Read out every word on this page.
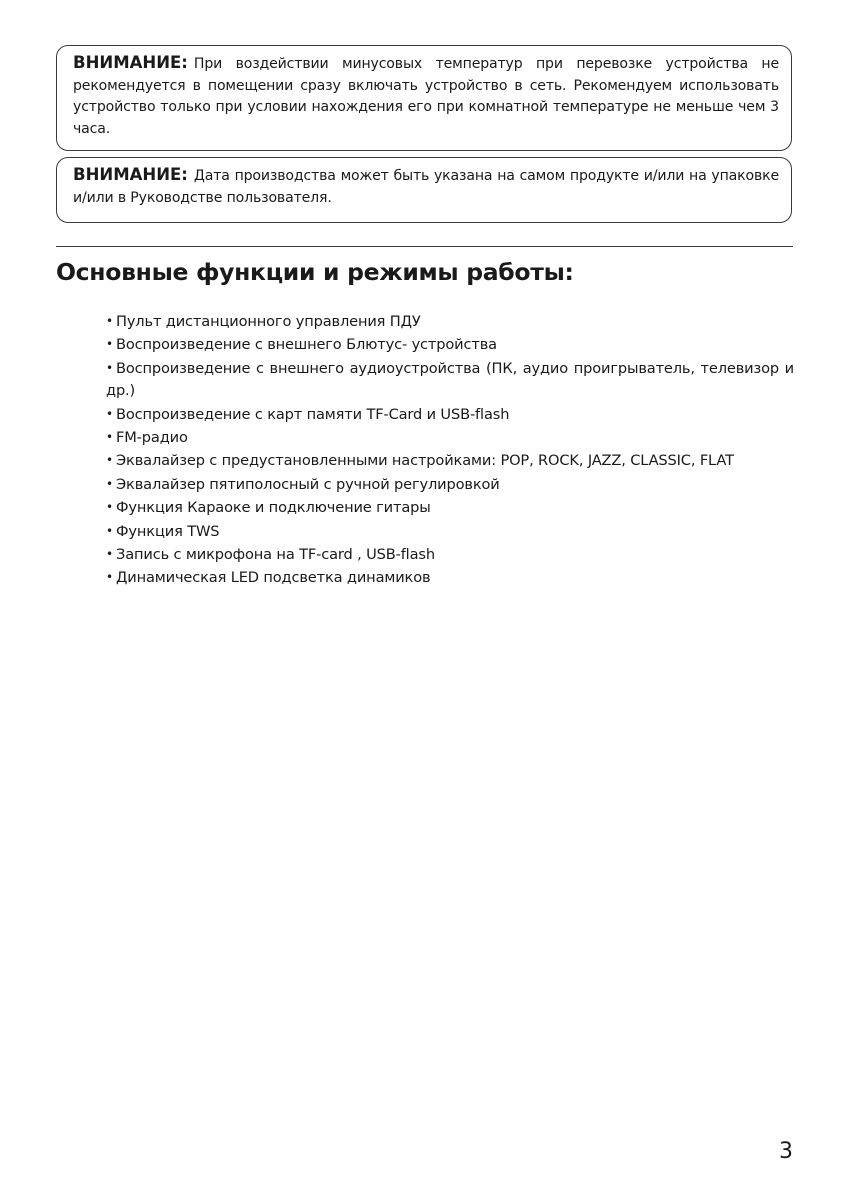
ВНИМАНИЕ: При воздействии минусовых температур при перевозке устройства не рекомендуется в помещении сразу включать устройство в сеть. Рекомендуем использовать устройство только при условии нахождения его при комнатной температуре не меньше чем 3 часа.
ВНИМАНИЕ: Дата производства может быть указана на самом продукте и/или на упаковке и/или в Руководстве пользователя.
Основные функции и режимы работы:
• Пульт дистанционного управления ПДУ
• Воспроизведение с внешнего Блютус- устройства
• Воспроизведение с внешнего аудиоустройства (ПК, аудио проигрыватель, телевизор и др.)
• Воспроизведение с карт памяти TF-Card и USB-flash
• FM-радио
• Эквалайзер с предустановленными настройками: POP, ROCK, JAZZ, CLASSIC, FLAT
• Эквалайзер пятиполосный с ручной регулировкой
• Функция Караоке и подключение гитары
• Функция TWS
• Запись с микрофона на TF-card , USB-flash
• Динамическая LED подсветка динамиков
3
